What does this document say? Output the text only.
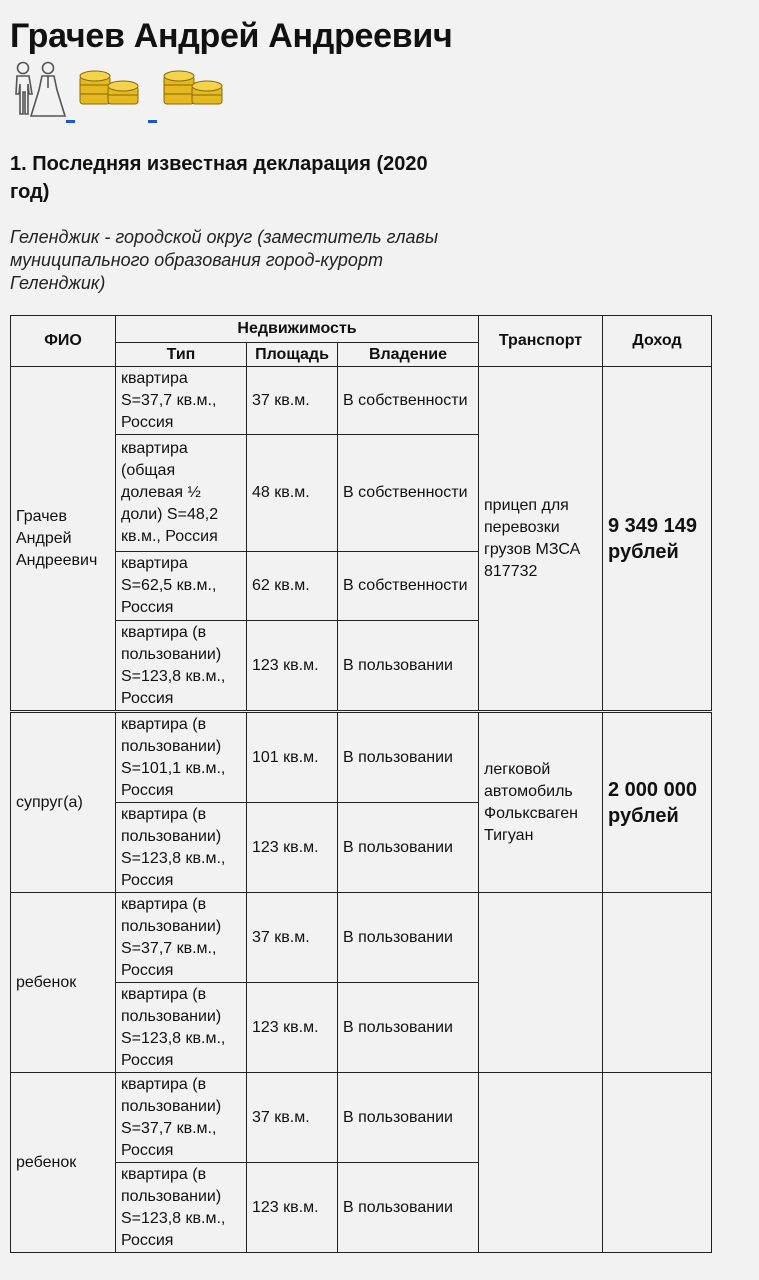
Грачев Андрей Андреевич
1. Последняя известная декларация (2020 год)

Геленджик - городской округ (заместитель главы муниципального образования город-курорт Геленджик)

ФИО	Недвижимость			Транспорт	Доход
	Тип	Площадь	Владение		
Грачев Андрей Андреевич	квартира S=37,7 кв.м., Россия	37 кв.м.	В собственности	прицеп для перевозки грузов МЗСА 817732	9 349 149 рублей
	квартира (общая долевая ½ доли) S=48,2 кв.м., Россия	48 кв.м.	В собственности		
	квартира S=62,5 кв.м., Россия	62 кв.м.	В собственности		
	квартира (в пользовании) S=123,8 кв.м., Россия	123 кв.м.	В пользовании		
супруг(а)	квартира (в пользовании) S=101,1 кв.м., Россия	101 кв.м.	В пользовании	легковой автомобиль Фольксваген Тигуан	2 000 000 рублей
	квартира (в пользовании) S=123,8 кв.м., Россия	123 кв.м.	В пользовании		
ребенок	квартира (в пользовании) S=37,7 кв.м., Россия	37 кв.м.	В пользовании		
	квартира (в пользовании) S=123,8 кв.м., Россия	123 кв.м.	В пользовании		
ребенок	квартира (в пользовании) S=37,7 кв.м., Россия	37 кв.м.	В пользовании		
	квартира (в пользовании) S=123,8 кв.м., Россия	123 кв.м.	В пользовании		
